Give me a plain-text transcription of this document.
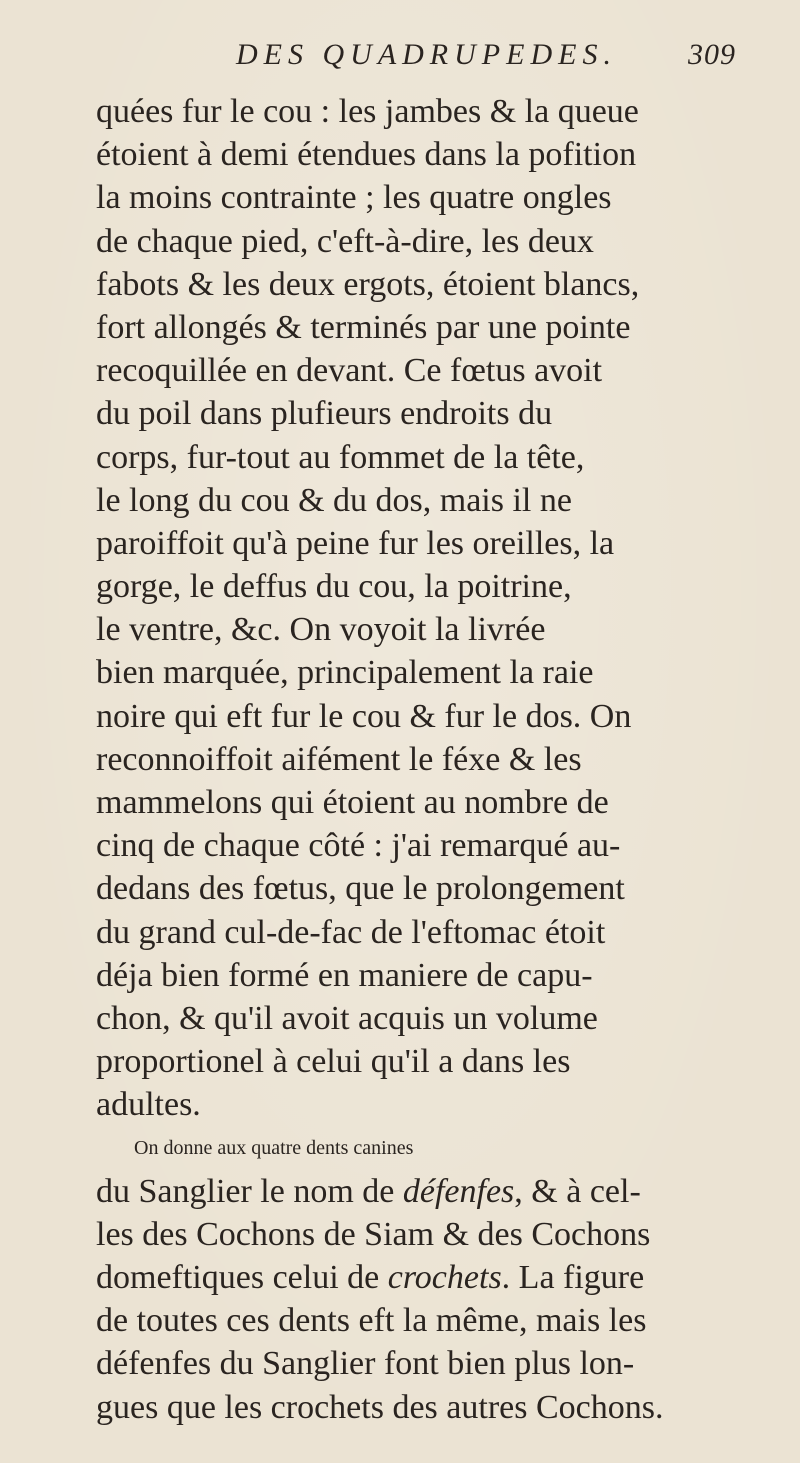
DES QUADRUPEDES. 309
quées fur le cou : les jambes & la queue
étoient à demi étendues dans la pofition
la moins contrainte ; les quatre ongles
de chaque pied, c'eft-à-dire, les deux
fabots & les deux ergots, étoient blancs,
fort allongés & terminés par une pointe
recoquillée en devant. Ce fœtus avoit
du poil dans plufieurs endroits du
corps, fur-tout au fommet de la tête,
le long du cou & du dos, mais il ne
paroiffoit qu'à peine fur les oreilles, la
gorge, le deffus du cou, la poitrine,
le ventre, &c. On voyoit la livrée
bien marquée, principalement la raie
noire qui eft fur le cou & fur le dos. On
reconnoiffoit aifément le féxe & les
mammelons qui étoient au nombre de
cinq de chaque côté : j'ai remarqué au-
dedans des fœtus, que le prolongement
du grand cul-de-fac de l'eftomac étoit
déja bien formé en maniere de capu-
chon, & qu'il avoit acquis un volume
proportionel à celui qu'il a dans les
adultes.
On donne aux quatre dents canines
du Sanglier le nom de défenfes, & à cel-
les des Cochons de Siam & des Cochons
domeftiques celui de crochets. La figure
de toutes ces dents eft la même, mais les
défenfes du Sanglier font bien plus lon-
gues que les crochets des autres Cochons.
